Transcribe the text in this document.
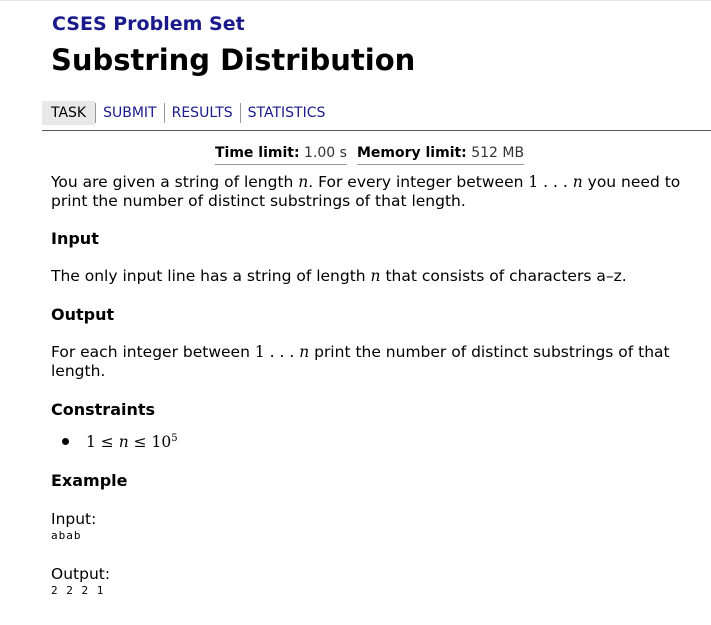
CSES Problem Set
Substring Distribution
TASK	SUBMIT	RESULTS	STATISTICS
Time limit: 1.00 s Memory limit: 512 MB
You are given a string of length n. For every integer between 1 . . . n you need to print the number of distinct substrings of that length.
Input
The only input line has a string of length n that consists of characters a–z.
Output
For each integer between 1 . . . n print the number of distinct substrings of that length.
Constraints
$1 \le n \le 10^5$
Example
Input:
abab
Output:
2 2 2 1
